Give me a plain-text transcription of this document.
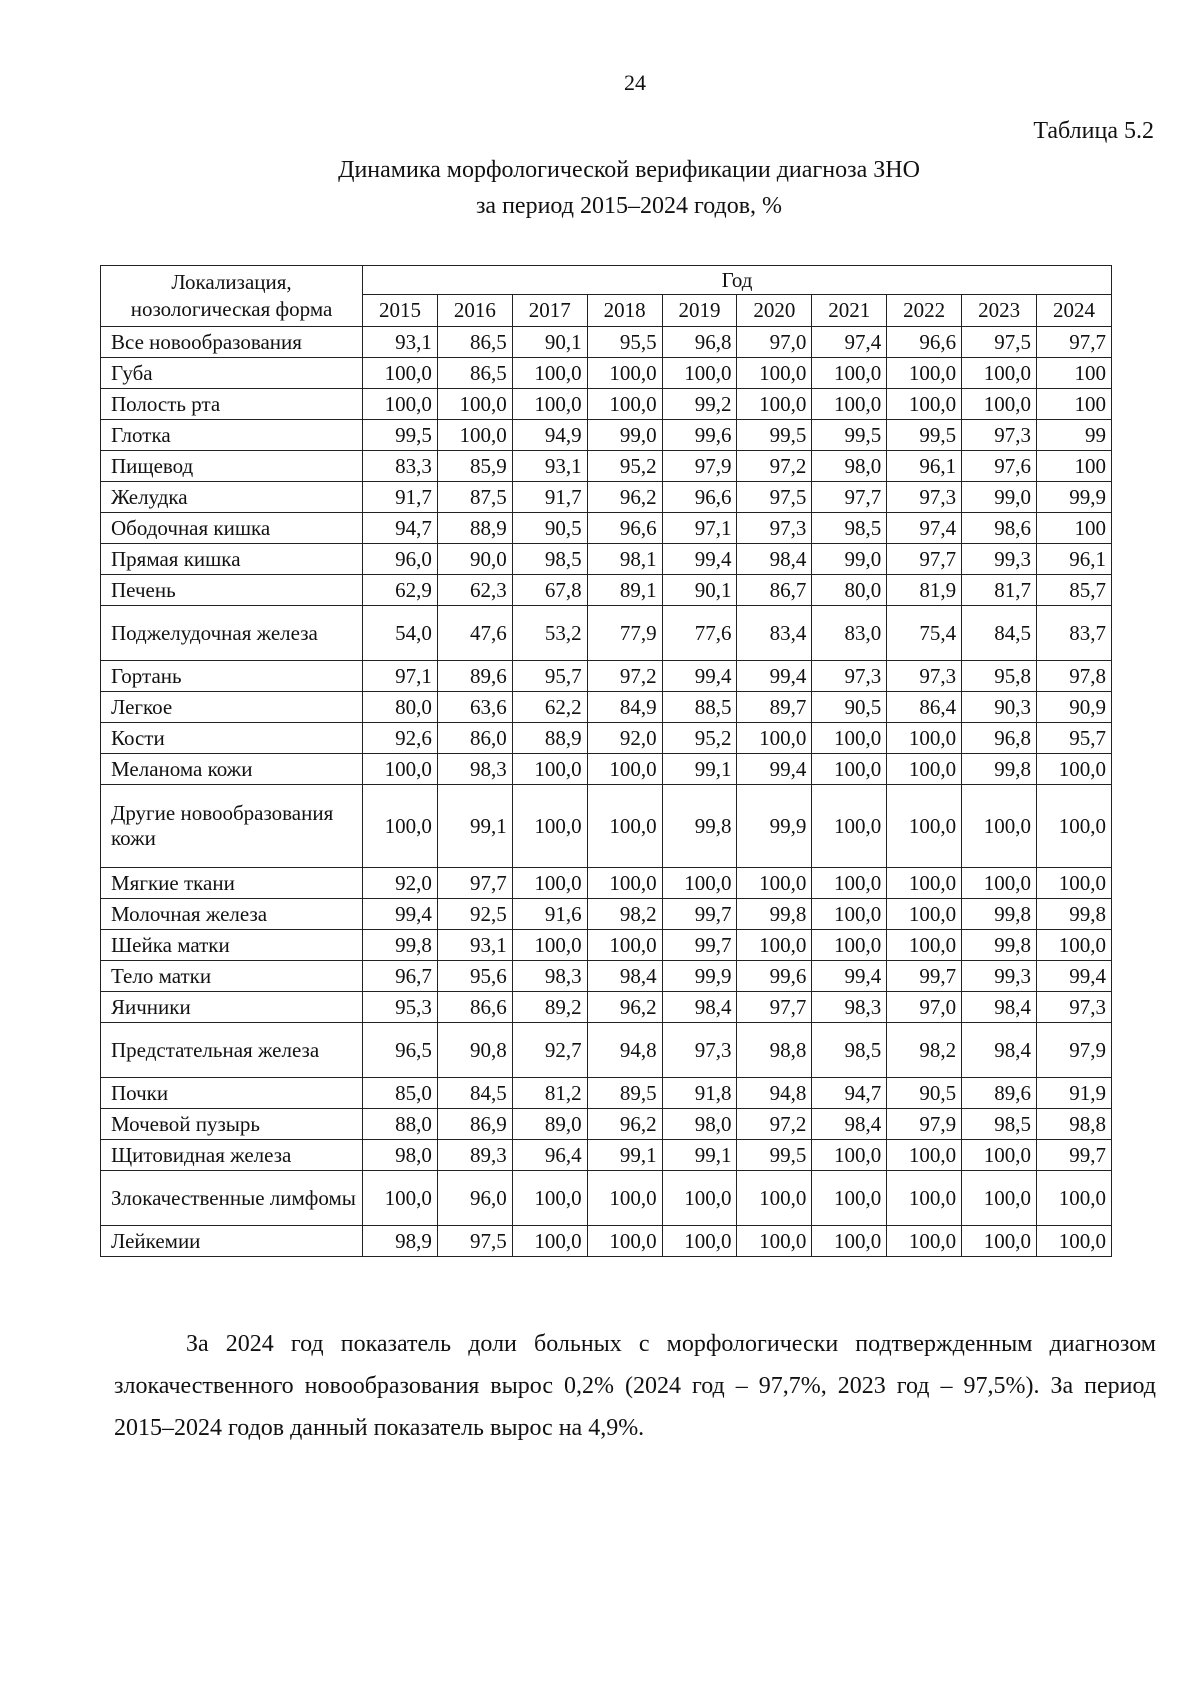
24
Таблица 5.2
Динамика морфологической верификации диагноза ЗНО
за период 2015–2024 годов, %
Локализация, нозологическая форма	Год									
	2015	2016	2017	2018	2019	2020	2021	2022	2023	2024
Все новообразования	93,1	86,5	90,1	95,5	96,8	97,0	97,4	96,6	97,5	97,7
Губа	100,0	86,5	100,0	100,0	100,0	100,0	100,0	100,0	100,0	100
Полость рта	100,0	100,0	100,0	100,0	99,2	100,0	100,0	100,0	100,0	100
Глотка	99,5	100,0	94,9	99,0	99,6	99,5	99,5	99,5	97,3	99
Пищевод	83,3	85,9	93,1	95,2	97,9	97,2	98,0	96,1	97,6	100
Желудка	91,7	87,5	91,7	96,2	96,6	97,5	97,7	97,3	99,0	99,9
Ободочная кишка	94,7	88,9	90,5	96,6	97,1	97,3	98,5	97,4	98,6	100
Прямая кишка	96,0	90,0	98,5	98,1	99,4	98,4	99,0	97,7	99,3	96,1
Печень	62,9	62,3	67,8	89,1	90,1	86,7	80,0	81,9	81,7	85,7
Поджелудочная железа	54,0	47,6	53,2	77,9	77,6	83,4	83,0	75,4	84,5	83,7
Гортань	97,1	89,6	95,7	97,2	99,4	99,4	97,3	97,3	95,8	97,8
Легкое	80,0	63,6	62,2	84,9	88,5	89,7	90,5	86,4	90,3	90,9
Кости	92,6	86,0	88,9	92,0	95,2	100,0	100,0	100,0	96,8	95,7
Меланома кожи	100,0	98,3	100,0	100,0	99,1	99,4	100,0	100,0	99,8	100,0
Другие новообразования кожи	100,0	99,1	100,0	100,0	99,8	99,9	100,0	100,0	100,0	100,0
Мягкие ткани	92,0	97,7	100,0	100,0	100,0	100,0	100,0	100,0	100,0	100,0
Молочная железа	99,4	92,5	91,6	98,2	99,7	99,8	100,0	100,0	99,8	99,8
Шейка матки	99,8	93,1	100,0	100,0	99,7	100,0	100,0	100,0	99,8	100,0
Тело матки	96,7	95,6	98,3	98,4	99,9	99,6	99,4	99,7	99,3	99,4
Яичники	95,3	86,6	89,2	96,2	98,4	97,7	98,3	97,0	98,4	97,3
Предстательная железа	96,5	90,8	92,7	94,8	97,3	98,8	98,5	98,2	98,4	97,9
Почки	85,0	84,5	81,2	89,5	91,8	94,8	94,7	90,5	89,6	91,9
Мочевой пузырь	88,0	86,9	89,0	96,2	98,0	97,2	98,4	97,9	98,5	98,8
Щитовидная железа	98,0	89,3	96,4	99,1	99,1	99,5	100,0	100,0	100,0	99,7
Злокачественные лимфомы	100,0	96,0	100,0	100,0	100,0	100,0	100,0	100,0	100,0	100,0
Лейкемии	98,9	97,5	100,0	100,0	100,0	100,0	100,0	100,0	100,0	100,0
За 2024 год показатель доли больных с морфологически подтвержденным диагнозом злокачественного новообразования вырос 0,2% (2024 год – 97,7%, 2023 год – 97,5%). За период 2015–2024 годов данный показатель вырос на 4,9%.
